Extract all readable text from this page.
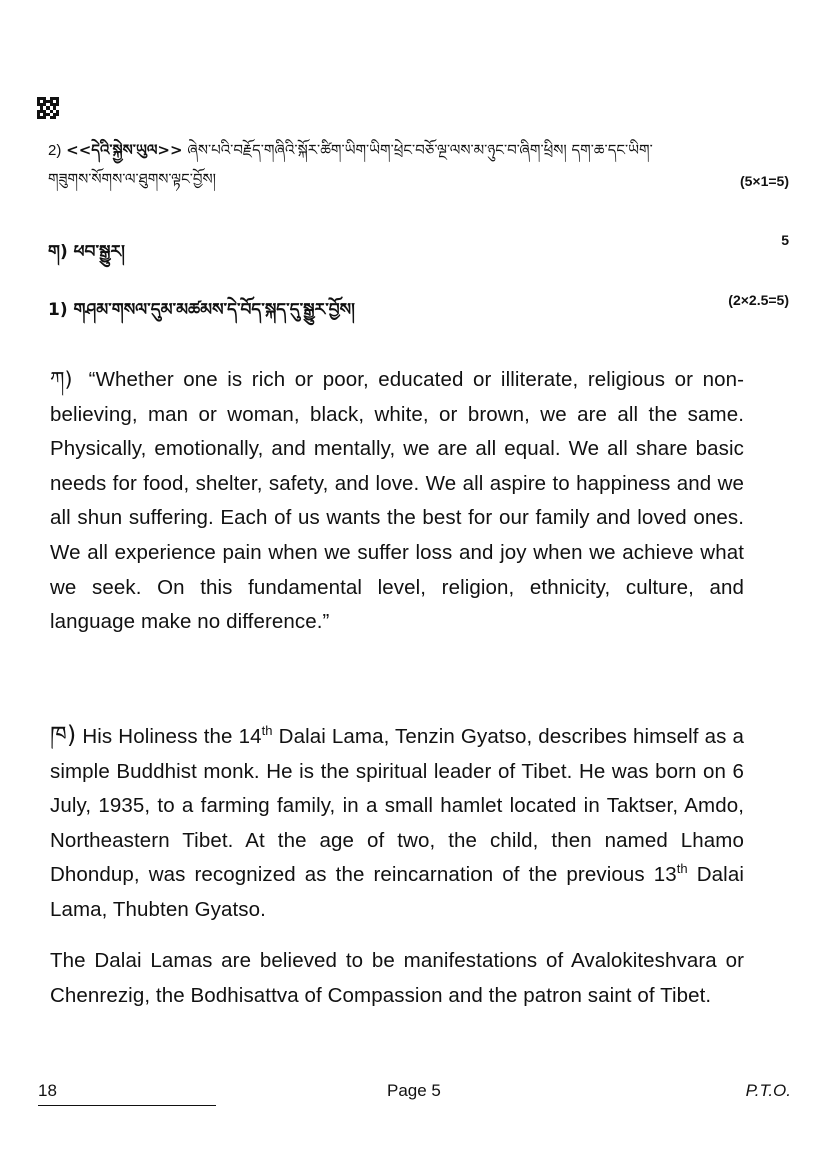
2) <<དེའི་སྐྱེས་ཡུལ>> ཞེས་པའི་བརྗོད་གཞིའི་སྐོར་ཚིག་ཡིག་ཡིག་ཕྲེང་བཅོ་ལྔ་ལས་མ་ཉུང་བ་ཞིག་ཕྲིས། དག་ཆ་དང་ཡིག་
གཟུགས་སོགས་ལ་ཐུགས་ལྟང་བྱོས།	(5×1=5)
ག) ཕབ་སྒྱུར།
5
1) གཤམ་གསལ་དུམ་མཚམས་དེ་བོད་སྐད་དུ་སྒྱུར་བྱོས།	(2×2.5=5)
ཀ) “Whether one is rich or poor, educated or illiterate, religious or non-believing, man or woman, black, white, or brown, we are all the same. Physically, emotionally, and mentally, we are all equal. We all share basic needs for food, shelter, safety, and love. We all aspire to happiness and we all shun suffering. Each of us wants the best for our family and loved ones. We all experience pain when we suffer loss and joy when we achieve what we seek. On this fundamental level, religion, ethnicity, culture, and language make no difference.”
ཁ) His Holiness the 14th Dalai Lama, Tenzin Gyatso, describes himself as a simple Buddhist monk. He is the spiritual leader of Tibet. He was born on 6 July, 1935, to a farming family, in a small hamlet located in Taktser, Amdo, Northeastern Tibet. At the age of two, the child, then named Lhamo Dhondup, was recognized as the reincarnation of the previous 13th Dalai Lama, Thubten Gyatso.
The Dalai Lamas are believed to be manifestations of Avalokiteshvara or Chenrezig, the Bodhisattva of Compassion and the patron saint of Tibet.
18	Page 5	P.T.O.
